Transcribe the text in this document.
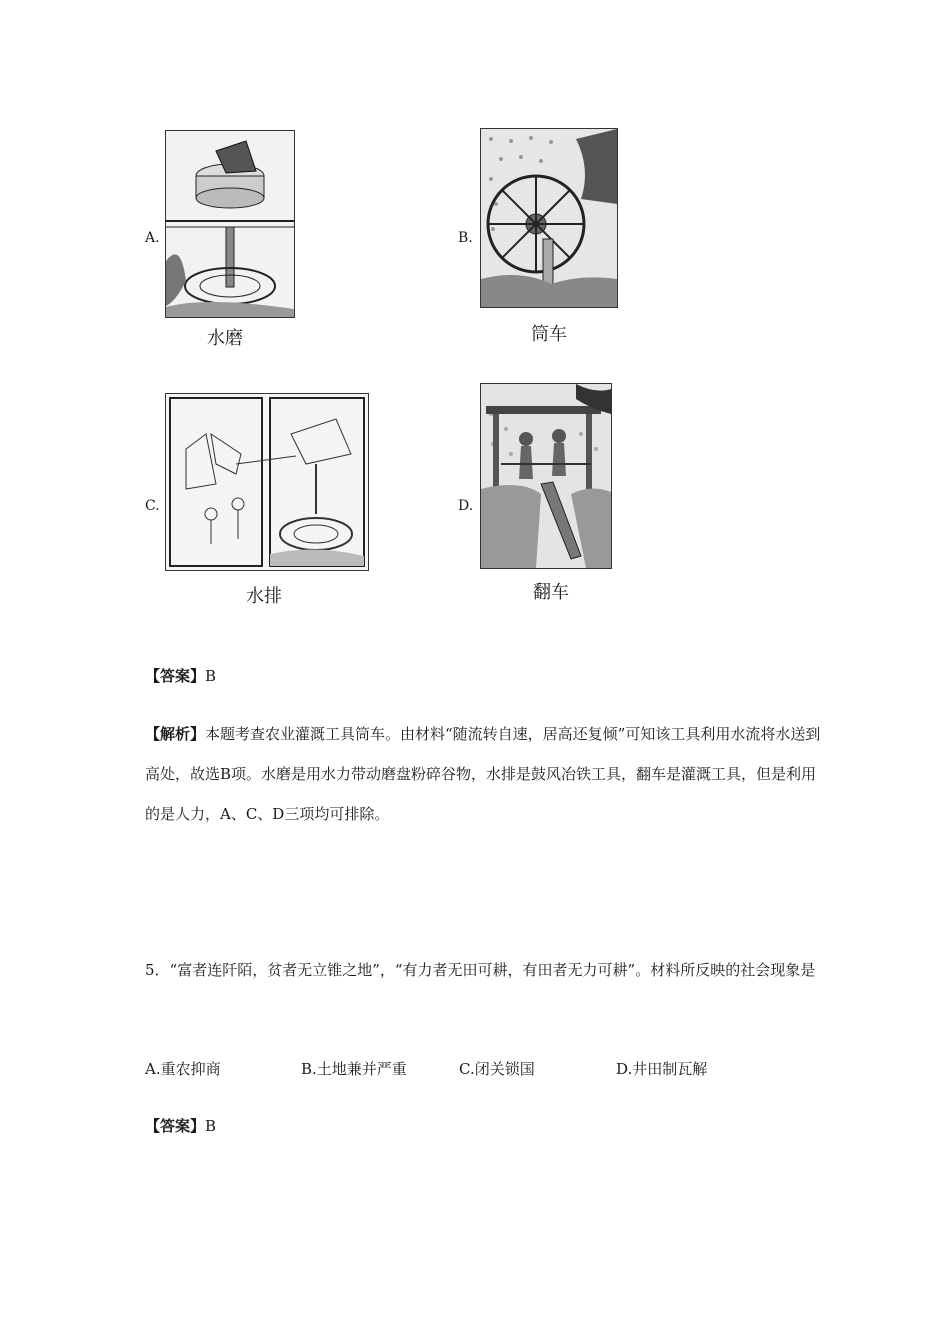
A.
水磨
B.
筒车
C.
水排
D.
翻车
【答案】B
【解析】本题考查农业灌溉工具筒车。由材料“随流转自速，居高还复倾”可知该工具利用水流将水送到高处，故选B项。水磨是用水力带动磨盘粉碎谷物，水排是鼓风冶铁工具，翻车是灌溉工具，但是利用的是人力，A、C、D三项均可排除。
5．“富者连阡陌，贫者无立锥之地”，“有力者无田可耕，有田者无力可耕”。材料所反映的社会现象是
A.重农抑商	B.土地兼并严重	C.闭关锁国	D.井田制瓦解
【答案】B
